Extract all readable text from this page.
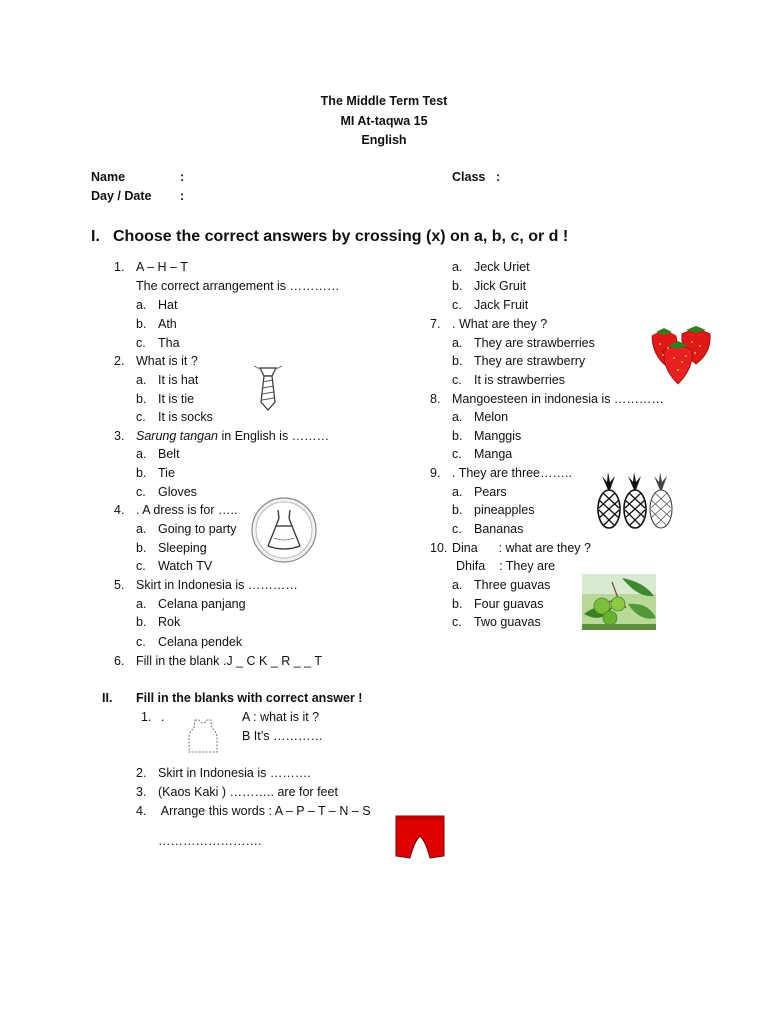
The Middle Term Test
MI At-taqwa 15
English
Name	:
Day / Date :
Class :
I. Choose the correct answers by crossing (x) on a, b, c, or d !
1. A – H – T
The correct arrangement is …………
a. Hat
b. Ath
c. Tha
2. What is it ?
a. It is hat
b. It is tie
c. It is socks
3. Sarung tangan in English is ………
a. Belt
b. Tie
c. Gloves
4. . A dress is for …..
a. Going to party
b. Sleeping
c. Watch TV
5. Skirt in Indonesia is …………
a. Celana panjang
b. Rok
c. Celana pendek
6. Fill in the blank .J _ C K _ R _ _ T
a. Jeck Uriet
b. Jick Gruit
c. Jack Fruit
7. . What are they ?
a. They are strawberries
b. They are strawberry
c. It is strawberries
8. Mangoesteen in indonesia is …………
a. Melon
b. Manggis
c. Manga
9. . They are three……..
a. Pears
b. pineapples
c. Bananas
10. Dina      : what are they ?
Dhifa    : They are
a. Three guavas
b. Four guavas
c. Two guavas
II. Fill in the blanks with correct answer !
1. .	A : what is it ?
B It’s …………
2. Skirt in Indonesia is ……….
3. (Kaos Kaki ) ……….. are for feet
4. Arrange this words : A – P – T – N – S
…………………….
